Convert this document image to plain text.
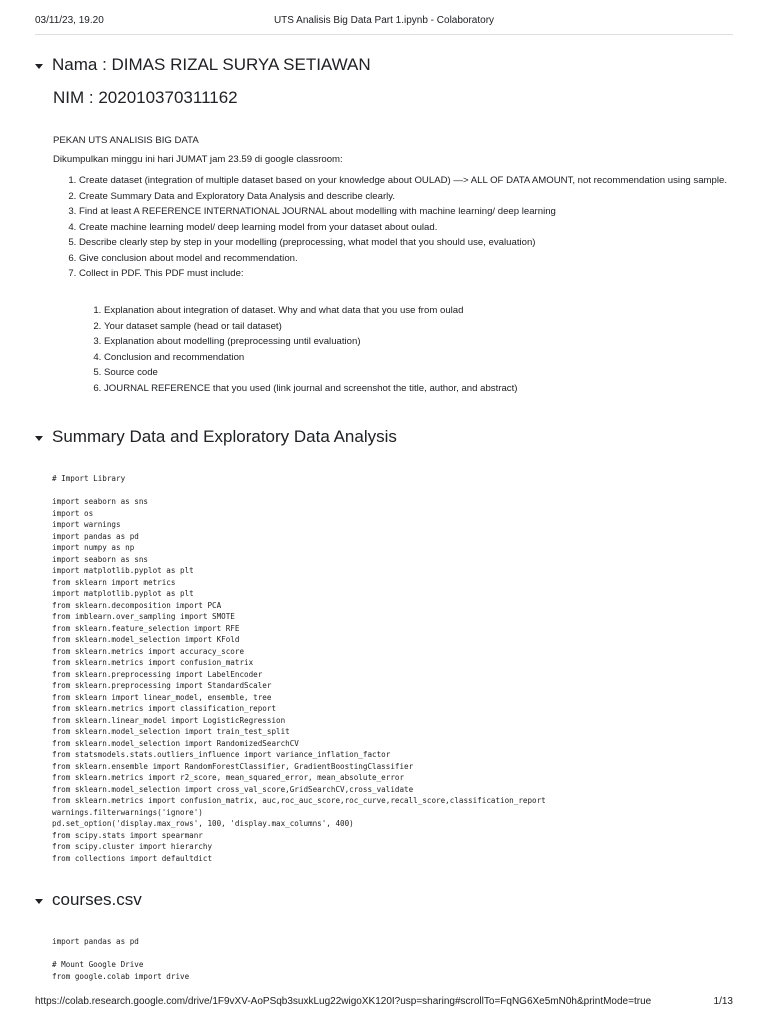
03/11/23, 19.20	UTS Analisis Big Data Part 1.ipynb - Colaboratory
Nama : DIMAS RIZAL SURYA SETIAWAN
NIM : 202010370311162
PEKAN UTS ANALISIS BIG DATA
Dikumpulkan minggu ini hari JUMAT jam 23.59 di google classroom:
1. Create dataset (integration of multiple dataset based on your knowledge about OULAD) —> ALL OF DATA AMOUNT, not recommendation using sample.
2. Create Summary Data and Exploratory Data Analysis and describe clearly.
3. Find at least A REFERENCE INTERNATIONAL JOURNAL about modelling with machine learning/ deep learning
4. Create machine learning model/ deep learning model from your dataset about oulad.
5. Describe clearly step by step in your modelling (preprocessing, what model that you should use, evaluation)
6. Give conclusion about model and recommendation.
7. Collect in PDF. This PDF must include:
1. Explanation about integration of dataset. Why and what data that you use from oulad
2. Your dataset sample (head or tail dataset)
3. Explanation about modelling (preprocessing until evaluation)
4. Conclusion and recommendation
5. Source code
6. JOURNAL REFERENCE that you used (link journal and screenshot the title, author, and abstract)
Summary Data and Exploratory Data Analysis
# Import Library

import seaborn as sns
import os
import warnings
import pandas as pd
import numpy as np
import seaborn as sns
import matplotlib.pyplot as plt
from sklearn import metrics
import matplotlib.pyplot as plt
from sklearn.decomposition import PCA
from imblearn.over_sampling import SMOTE
from sklearn.feature_selection import RFE
from sklearn.model_selection import KFold
from sklearn.metrics import accuracy_score
from sklearn.metrics import confusion_matrix
from sklearn.preprocessing import LabelEncoder
from sklearn.preprocessing import StandardScaler
from sklearn import linear_model, ensemble, tree
from sklearn.metrics import classification_report
from sklearn.linear_model import LogisticRegression
from sklearn.model_selection import train_test_split
from sklearn.model_selection import RandomizedSearchCV
from statsmodels.stats.outliers_influence import variance_inflation_factor
from sklearn.ensemble import RandomForestClassifier, GradientBoostingClassifier
from sklearn.metrics import r2_score, mean_squared_error, mean_absolute_error
from sklearn.model_selection import cross_val_score,GridSearchCV,cross_validate
from sklearn.metrics import confusion_matrix, auc,roc_auc_score,roc_curve,recall_score,classification_report
warnings.filterwarnings('ignore')
pd.set_option('display.max_rows', 100, 'display.max_columns', 400)
from scipy.stats import spearmanr
from scipy.cluster import hierarchy
from collections import defaultdict
courses.csv
import pandas as pd

# Mount Google Drive
from google.colab import drive
https://colab.research.google.com/drive/1F9vXV-AoPSqb3suxkLug22wigoXK120I?usp=sharing#scrollTo=FqNG6Xe5mN0h&printMode=true	1/13
